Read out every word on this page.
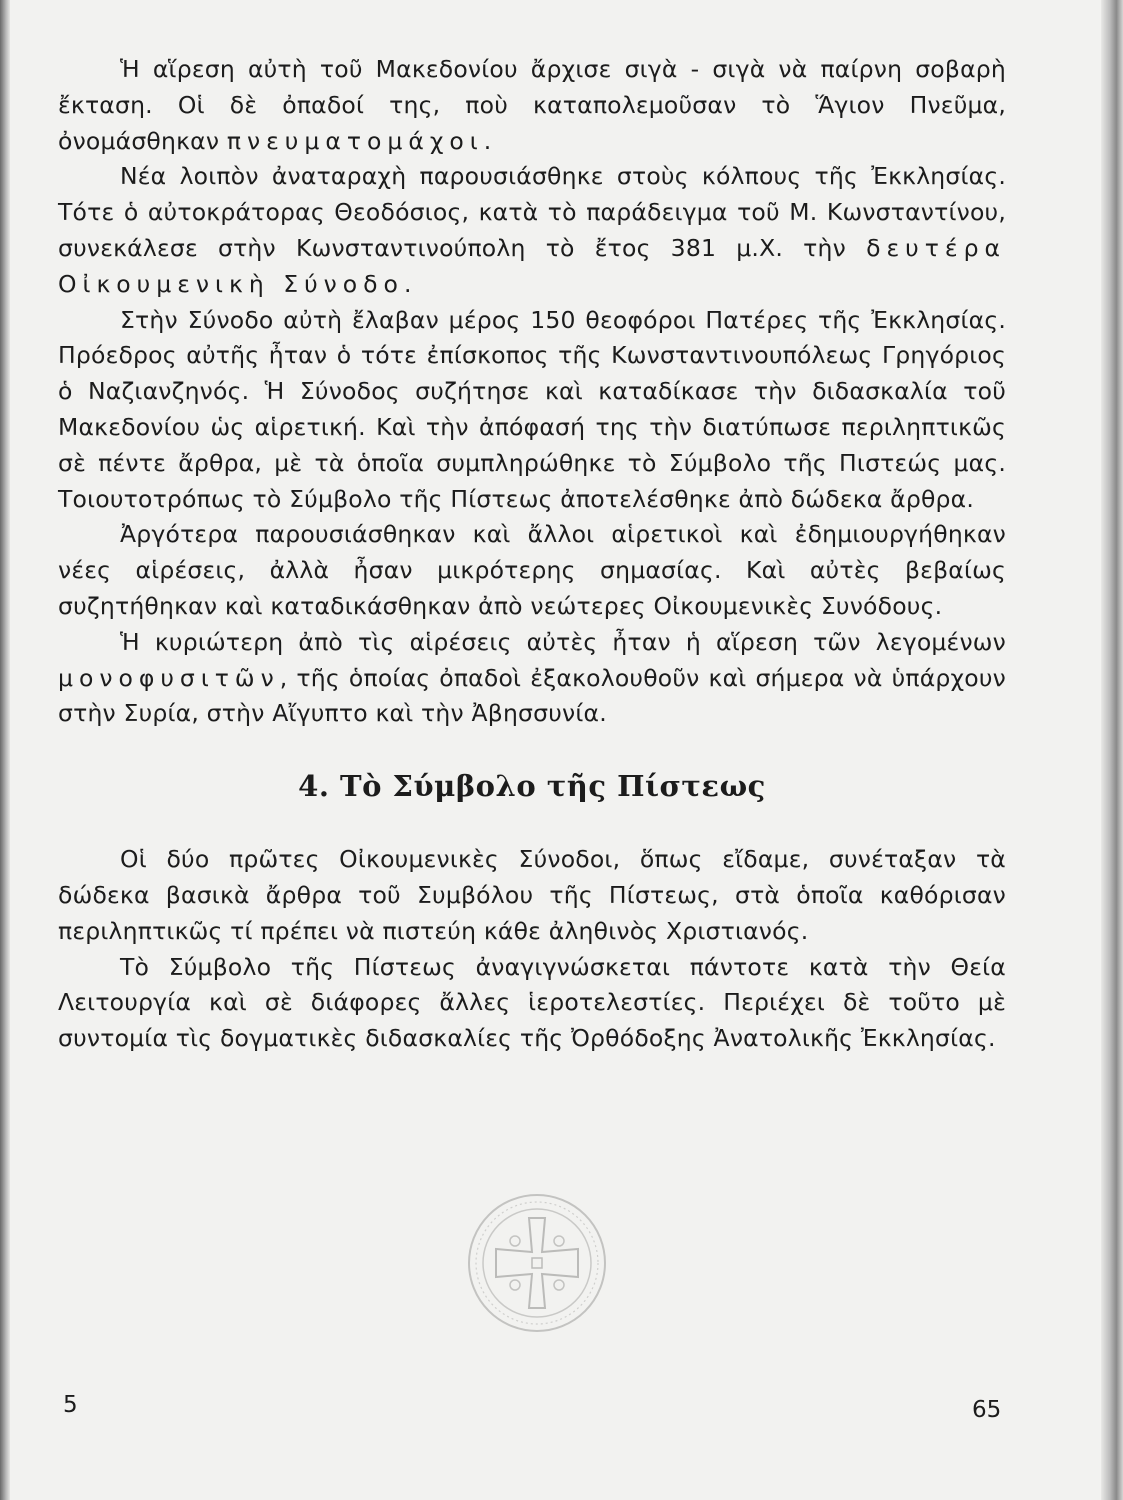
Ἡ αἵρεση αὐτὴ τοῦ Μακεδονίου ἄρχισε σιγὰ - σιγὰ νὰ παίρνη σοβαρὴ ἔκταση. Οἱ δὲ ὀπαδοί της, ποὺ καταπολεμοῦσαν τὸ Ἅγιον Πνεῦμα, ὀνομάσθηκαν πνευματομάχοι.

Νέα λοιπὸν ἀναταραχὴ παρουσιάσθηκε στοὺς κόλπους τῆς Ἐκκλησίας. Τότε ὁ αὐτοκράτορας Θεοδόσιος, κατὰ τὸ παράδειγμα τοῦ Μ. Κωνσταντίνου, συνεκάλεσε στὴν Κωνσταντινούπολη τὸ ἔτος 381 μ.Χ. τὴν δευτέρα Οἰκουμενικὴ Σύνοδο.

Στὴν Σύνοδο αὐτὴ ἔλαβαν μέρος 150 θεοφόροι Πατέρες τῆς Ἐκκλησίας. Πρόεδρος αὐτῆς ἦταν ὁ τότε ἐπίσκοπος τῆς Κωνσταντινουπόλεως Γρηγόριος ὁ Ναζιανζηνός. Ἡ Σύνοδος συζήτησε καὶ καταδίκασε τὴν διδασκαλία τοῦ Μακεδονίου ὡς αἱρετική. Καὶ τὴν ἀπόφασή της τὴν διατύπωσε περιληπτικῶς σὲ πέντε ἄρθρα, μὲ τὰ ὁποῖα συμπληρώθηκε τὸ Σύμβολο τῆς Πιστεώς μας. Τοιουτοτρόπως τὸ Σύμβολο τῆς Πίστεως ἀποτελέσθηκε ἀπὸ δώδεκα ἄρθρα.

Ἀργότερα παρουσιάσθηκαν καὶ ἄλλοι αἱρετικοὶ καὶ ἐδημιουργήθηκαν νέες αἱρέσεις, ἀλλὰ ἦσαν μικρότερης σημασίας. Καὶ αὐτὲς βεβαίως συζητήθηκαν καὶ καταδικάσθηκαν ἀπὸ νεώτερες Οἰκουμενικὲς Συνόδους.

Ἡ κυριώτερη ἀπὸ τὶς αἱρέσεις αὐτὲς ἦταν ἡ αἵρεση τῶν λεγομένων μονοφυσιτῶν, τῆς ὁποίας ὀπαδοὶ ἐξακολουθοῦν καὶ σήμερα νὰ ὑπάρχουν στὴν Συρία, στὴν Αἴγυπτο καὶ τὴν Ἀβησσυνία.

4. Τὸ Σύμβολο τῆς Πίστεως

Οἱ δύο πρῶτες Οἰκουμενικὲς Σύνοδοι, ὅπως εἴδαμε, συνέταξαν τὰ δώδεκα βασικὰ ἄρθρα τοῦ Συμβόλου τῆς Πίστεως, στὰ ὁποῖα καθόρισαν περιληπτικῶς τί πρέπει νὰ πιστεύη κάθε ἀληθινὸς Χριστιανός.

Τὸ Σύμβολο τῆς Πίστεως ἀναγιγνώσκεται πάντοτε κατὰ τὴν Θεία Λειτουργία καὶ σὲ διάφορες ἄλλες ἱεροτελεστίες. Περιέχει δὲ τοῦτο μὲ συντομία τὶς δογματικὲς διδασκαλίες τῆς Ὀρθόδοξης Ἀνατολικῆς Ἐκκλησίας.

5	65
